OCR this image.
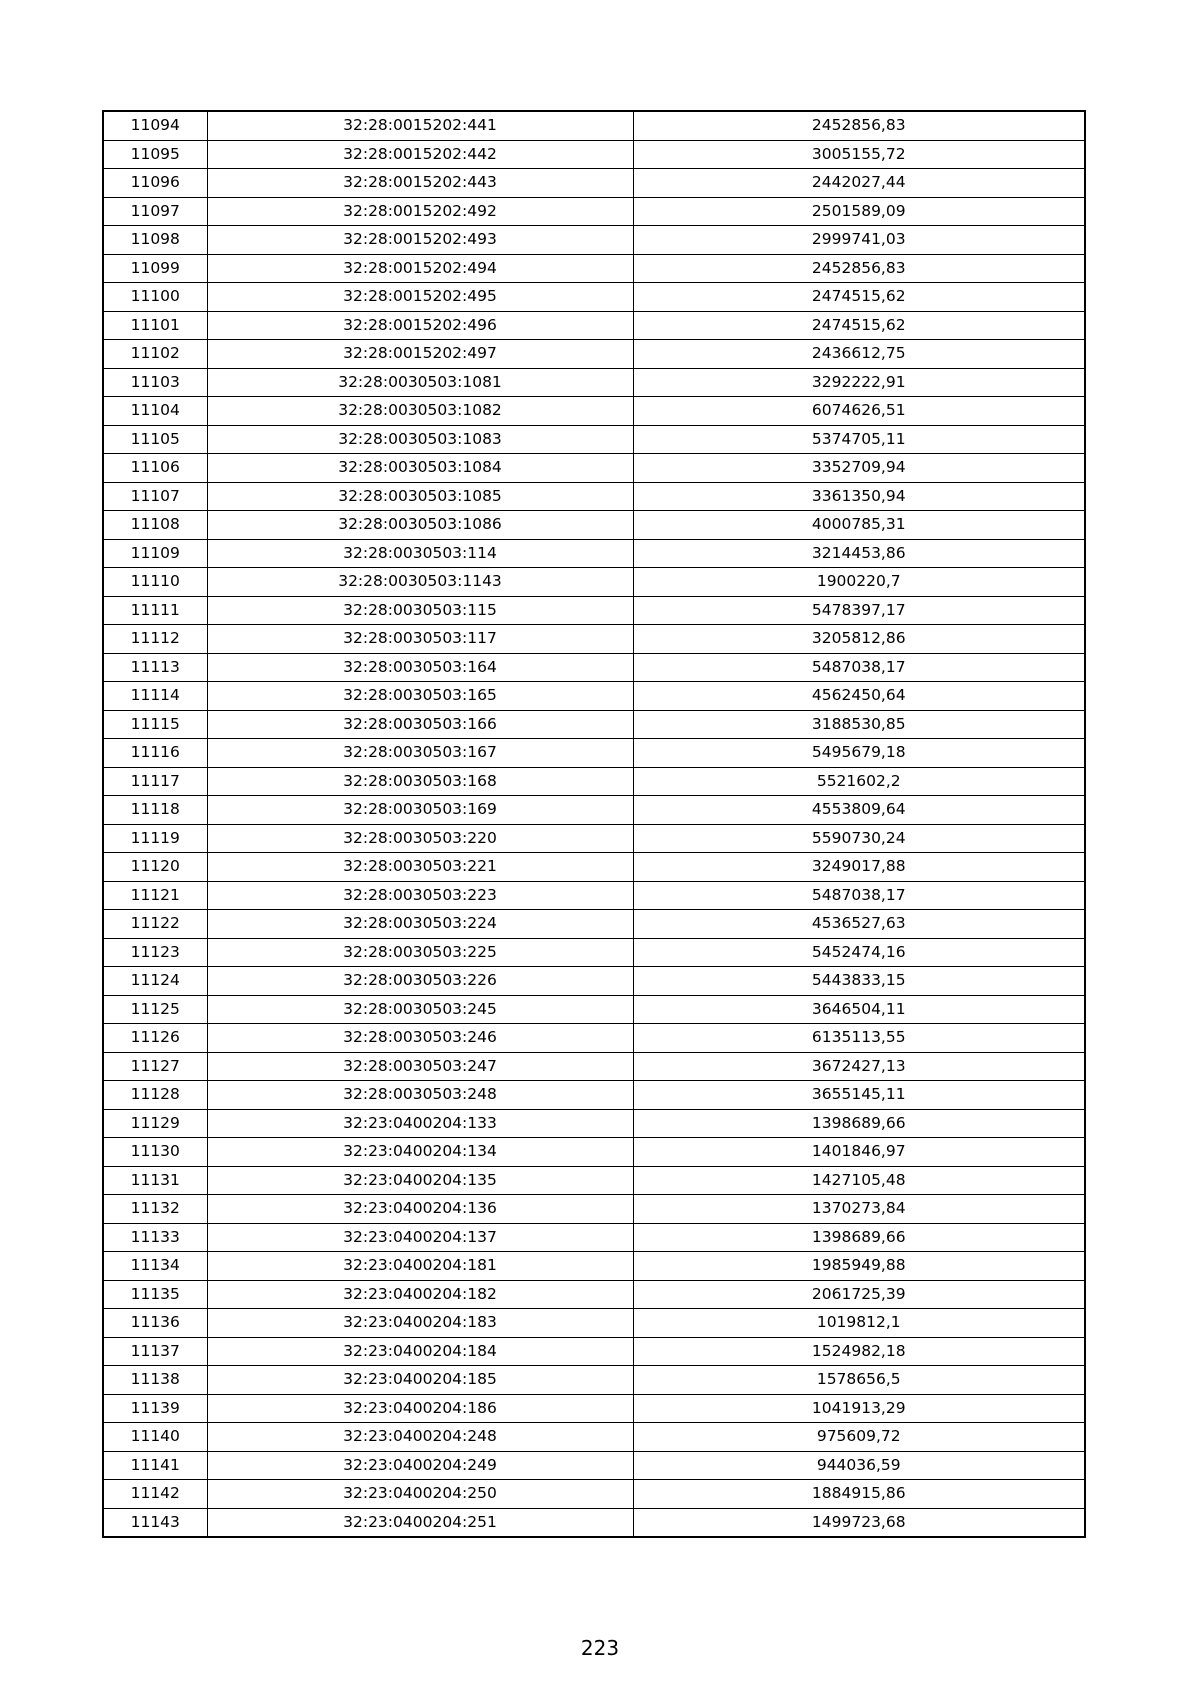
11094	32:28:0015202:441	2452856,83
11095	32:28:0015202:442	3005155,72
11096	32:28:0015202:443	2442027,44
11097	32:28:0015202:492	2501589,09
11098	32:28:0015202:493	2999741,03
11099	32:28:0015202:494	2452856,83
11100	32:28:0015202:495	2474515,62
11101	32:28:0015202:496	2474515,62
11102	32:28:0015202:497	2436612,75
11103	32:28:0030503:1081	3292222,91
11104	32:28:0030503:1082	6074626,51
11105	32:28:0030503:1083	5374705,11
11106	32:28:0030503:1084	3352709,94
11107	32:28:0030503:1085	3361350,94
11108	32:28:0030503:1086	4000785,31
11109	32:28:0030503:114	3214453,86
11110	32:28:0030503:1143	1900220,7
11111	32:28:0030503:115	5478397,17
11112	32:28:0030503:117	3205812,86
11113	32:28:0030503:164	5487038,17
11114	32:28:0030503:165	4562450,64
11115	32:28:0030503:166	3188530,85
11116	32:28:0030503:167	5495679,18
11117	32:28:0030503:168	5521602,2
11118	32:28:0030503:169	4553809,64
11119	32:28:0030503:220	5590730,24
11120	32:28:0030503:221	3249017,88
11121	32:28:0030503:223	5487038,17
11122	32:28:0030503:224	4536527,63
11123	32:28:0030503:225	5452474,16
11124	32:28:0030503:226	5443833,15
11125	32:28:0030503:245	3646504,11
11126	32:28:0030503:246	6135113,55
11127	32:28:0030503:247	3672427,13
11128	32:28:0030503:248	3655145,11
11129	32:23:0400204:133	1398689,66
11130	32:23:0400204:134	1401846,97
11131	32:23:0400204:135	1427105,48
11132	32:23:0400204:136	1370273,84
11133	32:23:0400204:137	1398689,66
11134	32:23:0400204:181	1985949,88
11135	32:23:0400204:182	2061725,39
11136	32:23:0400204:183	1019812,1
11137	32:23:0400204:184	1524982,18
11138	32:23:0400204:185	1578656,5
11139	32:23:0400204:186	1041913,29
11140	32:23:0400204:248	975609,72
11141	32:23:0400204:249	944036,59
11142	32:23:0400204:250	1884915,86
11143	32:23:0400204:251	1499723,68
223
